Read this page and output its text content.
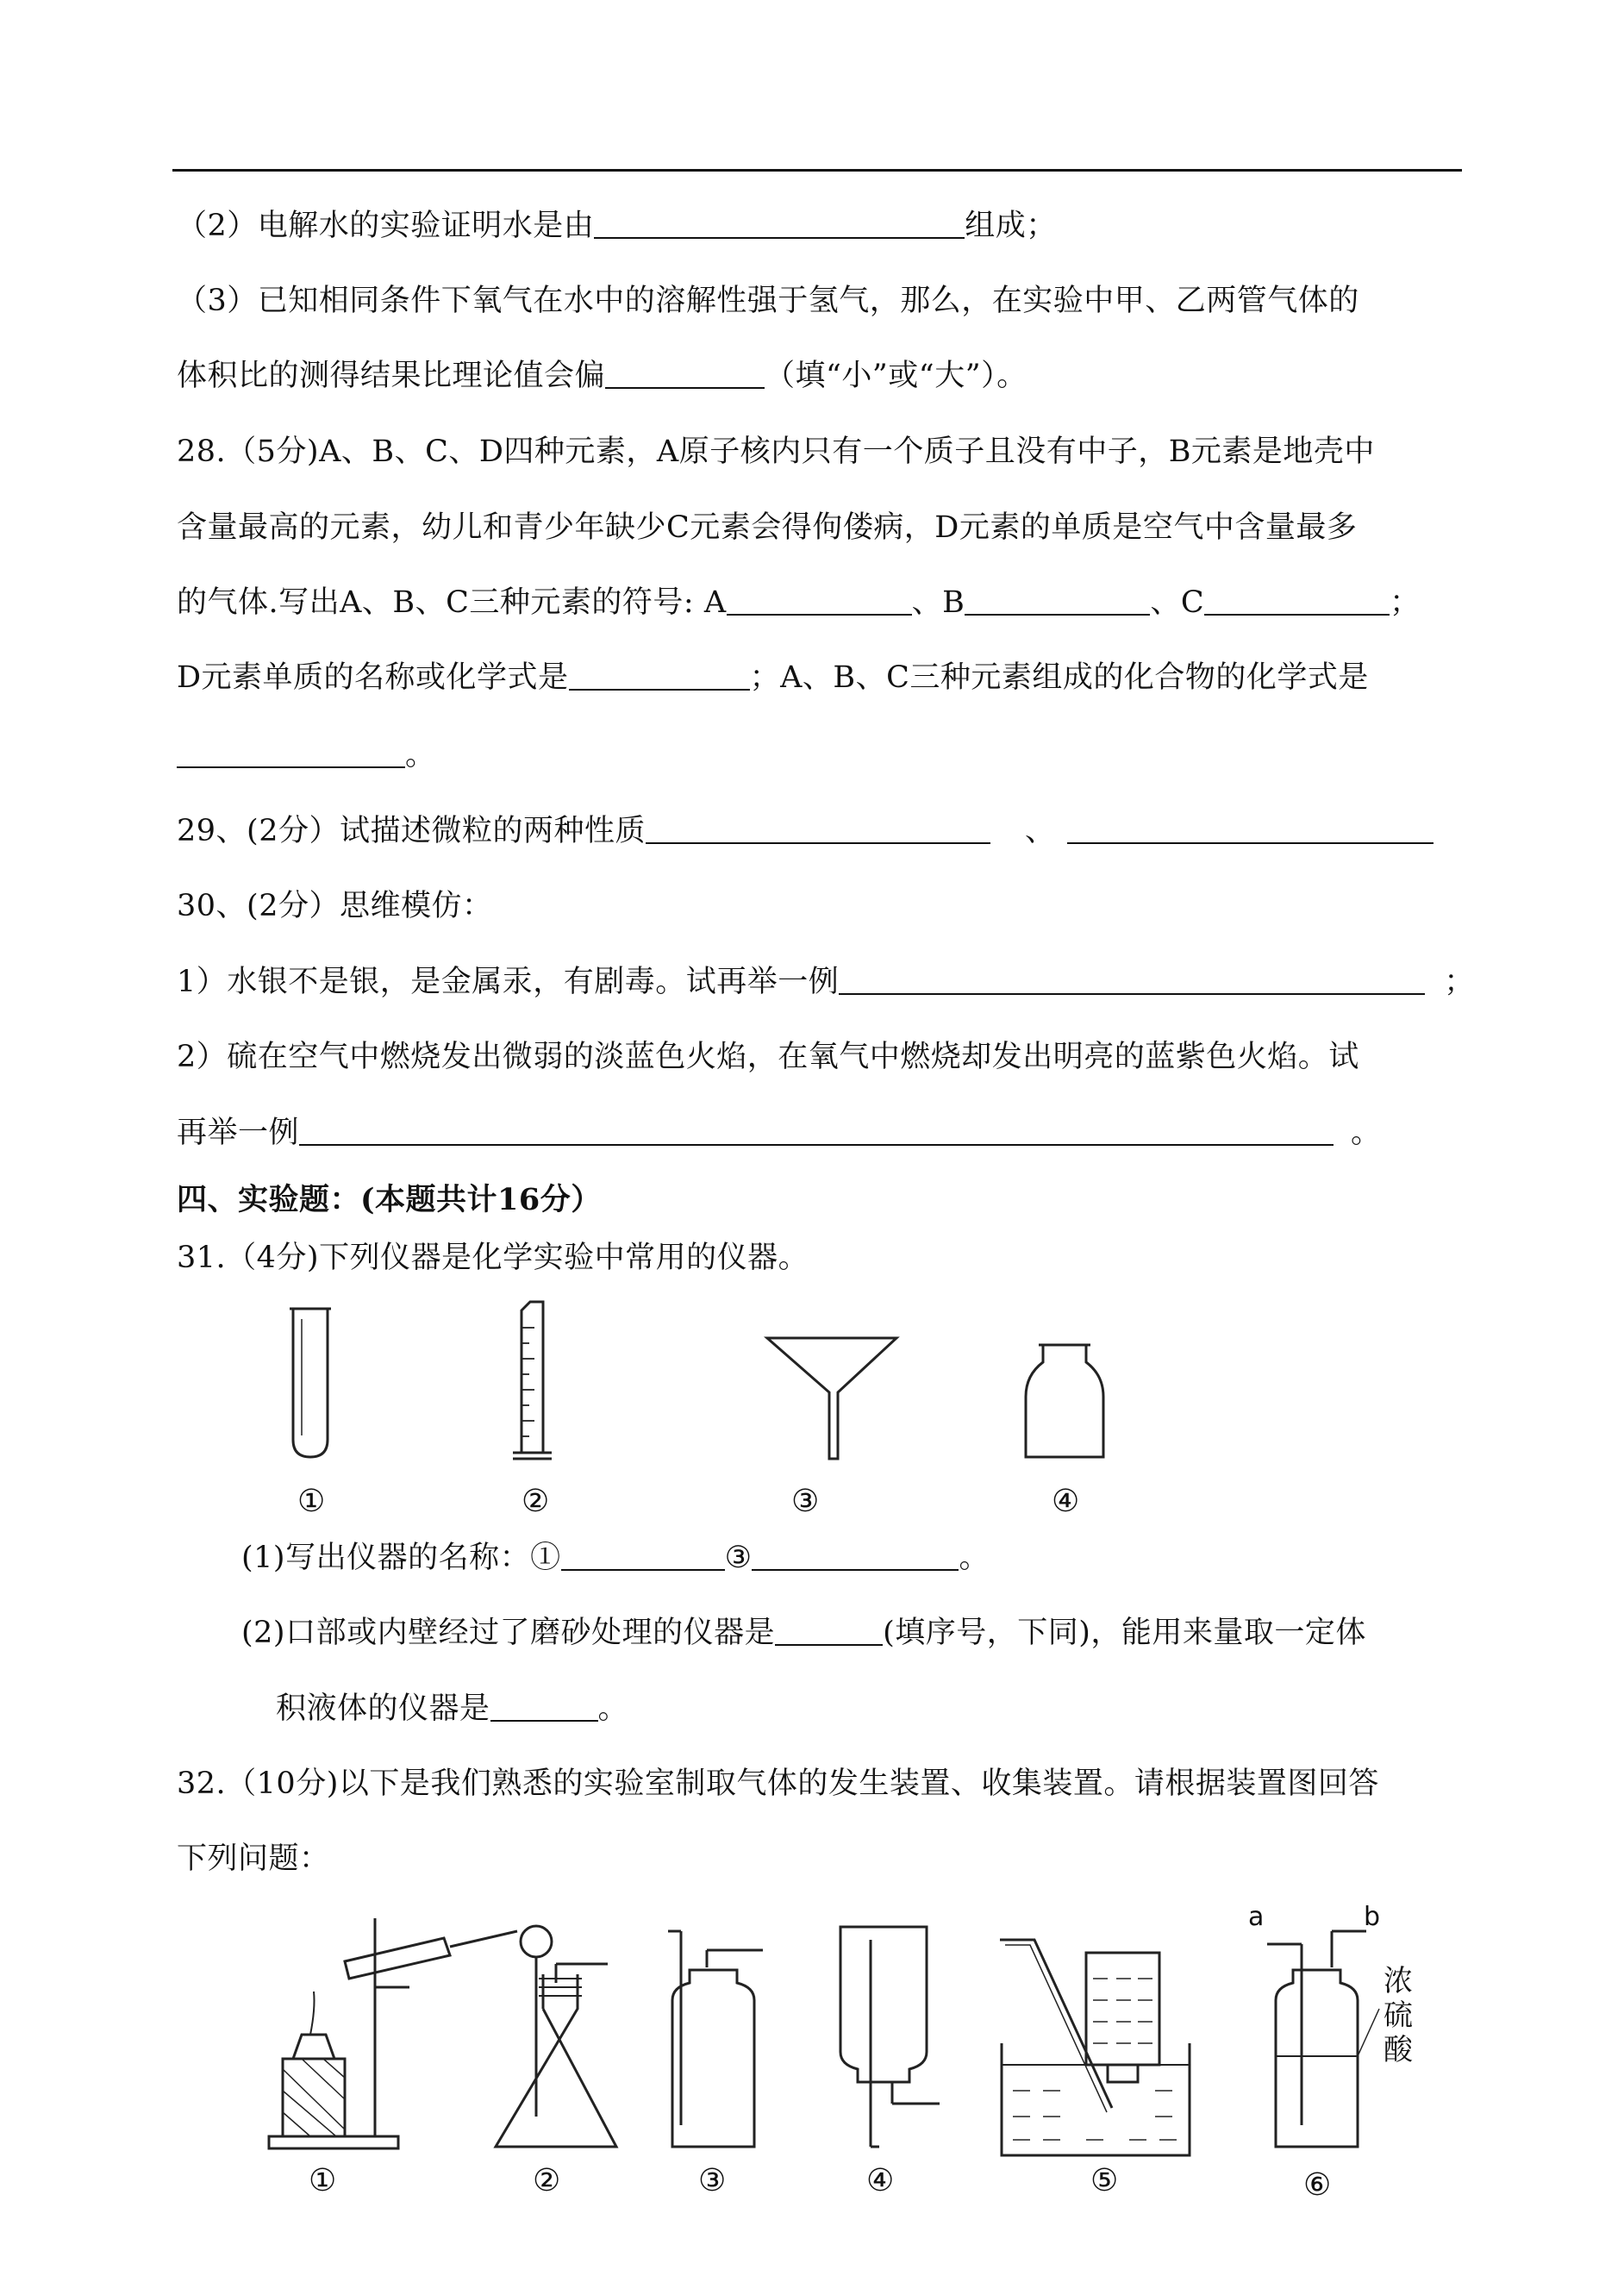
（2）电解水的实验证明水是由	组成；
（3）已知相同条件下氧气在水中的溶解性强于氢气，那么，在实验中甲、乙两管气体的
体积比的测得结果比理论值会偏	（填“小”或“大”）。
28.（5分)A、B、C、D四种元素，A原子核内只有一个质子且没有中子，B元素是地壳中
含量最高的元素，幼儿和青少年缺少C元素会得佝偻病，D元素的单质是空气中含量最多
的气体.写出A、B、C三种元素的符号: A	、B	、C	；
D元素单质的名称或化学式是	；A、B、C三种元素组成的化合物的化学式是
。
29、(2分）试描述微粒的两种性质	、
30、(2分）思维模仿：
1）水银不是银，是金属汞，有剧毒。试再举一例	；
2）硫在空气中燃烧发出微弱的淡蓝色火焰，在氧气中燃烧却发出明亮的蓝紫色火焰。试
再举一例	。
四、实验题：(本题共计16分）
31.（4分)下列仪器是化学实验中常用的仪器。
①	②	③	④
(1)写出仪器的名称：①	③	。
(2)口部或内壁经过了磨砂处理的仪器是	(填序号，下同)，能用来量取一定体
积液体的仪器是	。
32.（10分)以下是我们熟悉的实验室制取气体的发生装置、收集装置。请根据装置图回答
下列问题：
a	b
浓
硫
酸
①	②	③	④	⑤	⑥
